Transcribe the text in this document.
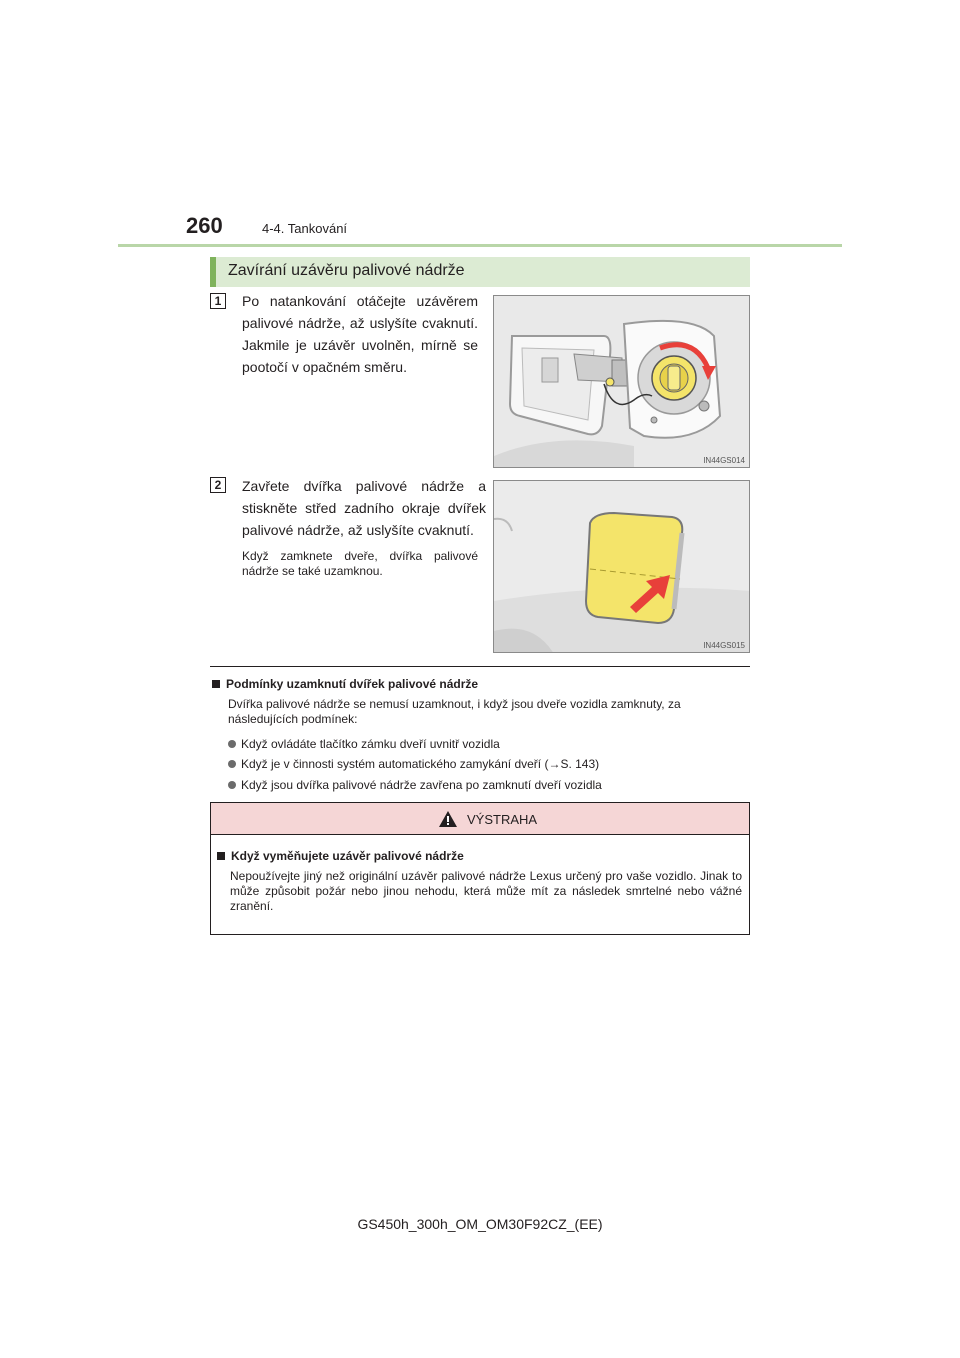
260	4-4. Tankování
Zavírání uzávěru palivové nádrže
1	Po natankování otáčejte uzávěrem palivové nádrže, až uslyšíte cvaknutí. Jakmile je uzávěr uvolněn, mírně se pootočí v opačném směru.
IN44GS014
2	Zavřete dvířka palivové nádrže a stiskněte střed zadního okraje dvířek palivové nádrže, až uslyšíte cvaknutí.
Když zamknete dveře, dvířka palivové nádrže se také uzamknou.
IN44GS015
Podmínky uzamknutí dvířek palivové nádrže
Dvířka palivové nádrže se nemusí uzamknout, i když jsou dveře vozidla zamknuty, za následujících podmínek:
Když ovládáte tlačítko zámku dveří uvnitř vozidla
Když je v činnosti systém automatického zamykání dveří (→S. 143)
Když jsou dvířka palivové nádrže zavřena po zamknutí dveří vozidla
VÝSTRAHA
Když vyměňujete uzávěr palivové nádrže
Nepoužívejte jiný než originální uzávěr palivové nádrže Lexus určený pro vaše vozidlo. Jinak to může způsobit požár nebo jinou nehodu, která může mít za následek smrtelné nebo vážné zranění.
GS450h_300h_OM_OM30F92CZ_(EE)
